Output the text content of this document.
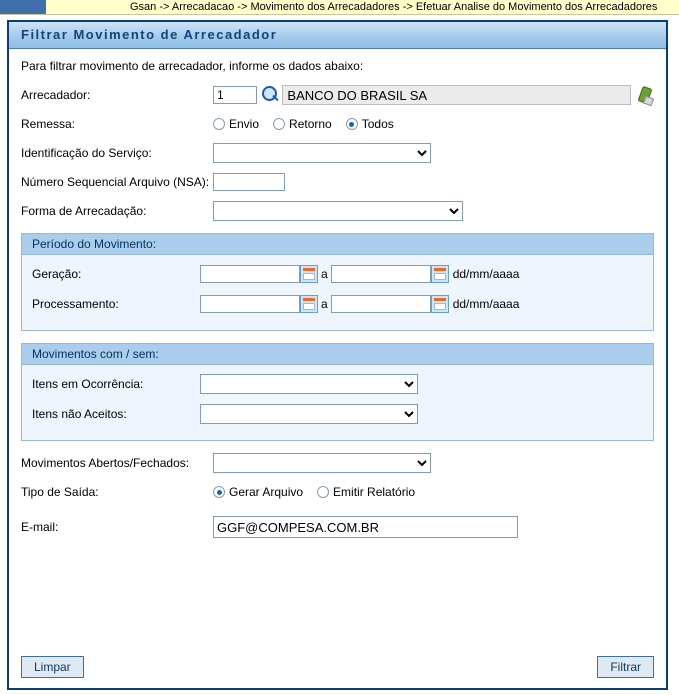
Gsan -> Arrecadacao -> Movimento dos Arrecadadores -> Efetuar Analise do Movimento dos Arrecadadores
Filtrar Movimento de Arrecadador
Para filtrar movimento de arrecadador, informe os dados abaixo:
Arrecadador:
1	BANCO DO BRASIL SA
Remessa:	Envio	Retorno	Todos
Identificação do Serviço:
Número Sequencial Arquivo (NSA):
Forma de Arrecadação:
Período do Movimento:
Geração:	a	dd/mm/aaaa
Processamento:	a	dd/mm/aaaa
Movimentos com / sem:
Itens em Ocorrência:
Itens não Aceitos:
Movimentos Abertos/Fechados:
Tipo de Saída:	Gerar Arquivo	Emitir Relatório
E-mail:
GGF@COMPESA.COM.BR
Limpar	Filtrar
